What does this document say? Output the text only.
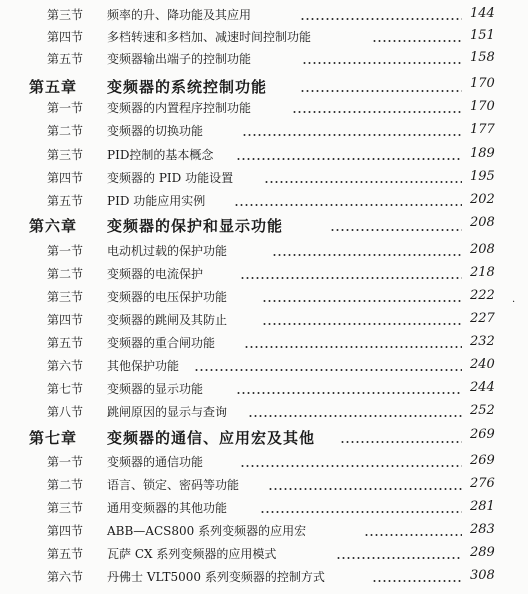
第三节	频率的升、降功能及其应用	144
第四节	多档转速和多档加、减速时间控制功能	151
第五节	变频器输出端子的控制功能	158
第五章	变频器的系统控制功能	170
第一节	变频器的内置程序控制功能	170
第二节	变频器的切换功能	177
第三节	PID控制的基本概念	189
第四节	变频器的 PID 功能设置	195
第五节	PID 功能应用实例	202
第六章	变频器的保护和显示功能	208
第一节	电动机过载的保护功能	208
第二节	变频器的电流保护	218
第三节	变频器的电压保护功能	222 .
第四节	变频器的跳闸及其防止	227
第五节	变频器的重合闸功能	232
第六节	其他保护功能	240
第七节	变频器的显示功能	244
第八节	跳闸原因的显示与查询	252
第七章	变频器的通信、应用宏及其他	269
第一节	变频器的通信功能	269
第二节	语言、锁定、密码等功能	276
第三节	通用变频器的其他功能	281
第四节	ABB—ACS800 系列变频器的应用宏	283
第五节	瓦萨 CX 系列变频器的应用模式	289
第六节	丹佛士 VLT5000 系列变频器的控制方式	308
